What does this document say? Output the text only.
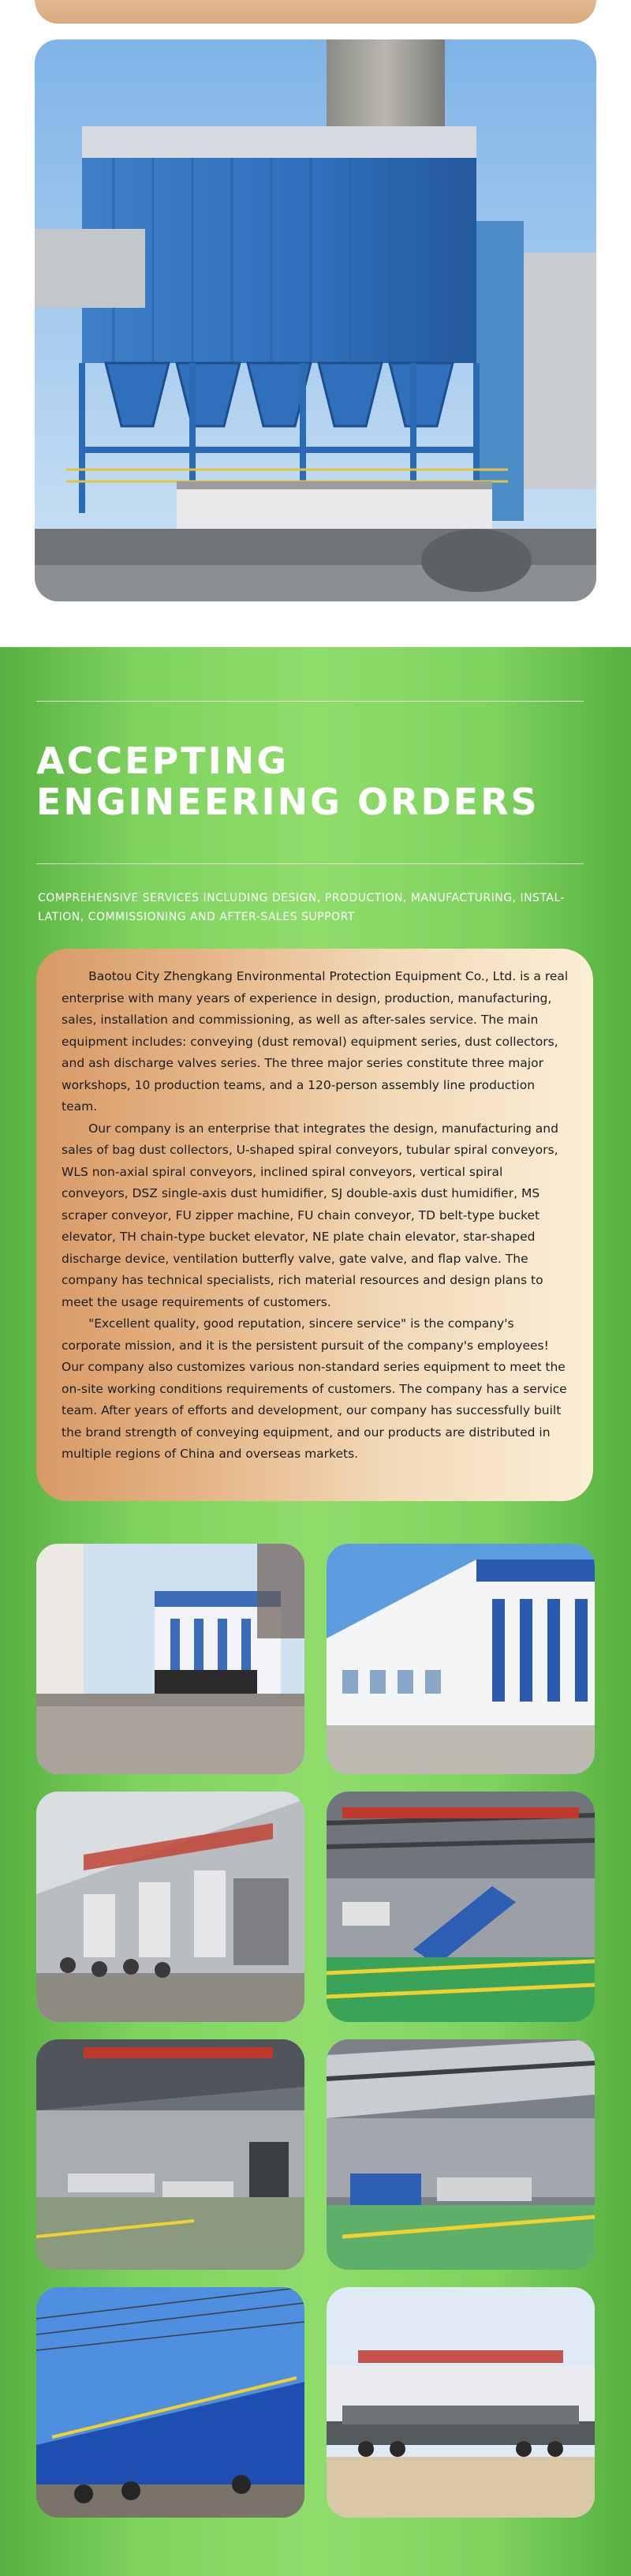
ACCEPTING
ENGINEERING ORDERS
COMPREHENSIVE SERVICES INCLUDING DESIGN, PRODUCTION, MANUFACTURING, INSTAL-
LATION, COMMISSIONING AND AFTER-SALES SUPPORT

Baotou City Zhengkang Environmental Protection Equipment Co., Ltd. is a real enterprise with many years of experience in design, production, manufacturing, sales, installation and commissioning, as well as after-sales service. The main equipment includes: conveying (dust removal) equipment series, dust collectors, and ash discharge valves series. The three major series constitute three major workshops, 10 production teams, and a 120-person assembly line production team.

Our company is an enterprise that integrates the design, manufacturing and sales of bag dust collectors, U-shaped spiral conveyors, tubular spiral conveyors, WLS non-axial spiral conveyors, inclined spiral conveyors, vertical spiral conveyors, DSZ single-axis dust humidifier, SJ double-axis dust humidifier, MS scraper conveyor, FU zipper machine, FU chain conveyor, TD belt-type bucket elevator, TH chain-type bucket elevator, NE plate chain elevator, star-shaped discharge device, ventilation butterfly valve, gate valve, and flap valve. The company has technical specialists, rich material resources and design plans to meet the usage requirements of customers.

"Excellent quality, good reputation, sincere service" is the company's corporate mission, and it is the persistent pursuit of the company's employees! Our company also customizes various non-standard series equipment to meet the on-site working conditions requirements of customers. The company has a service team. After years of efforts and development, our company has successfully built the brand strength of conveying equipment, and our products are distributed in multiple regions of China and overseas markets.
